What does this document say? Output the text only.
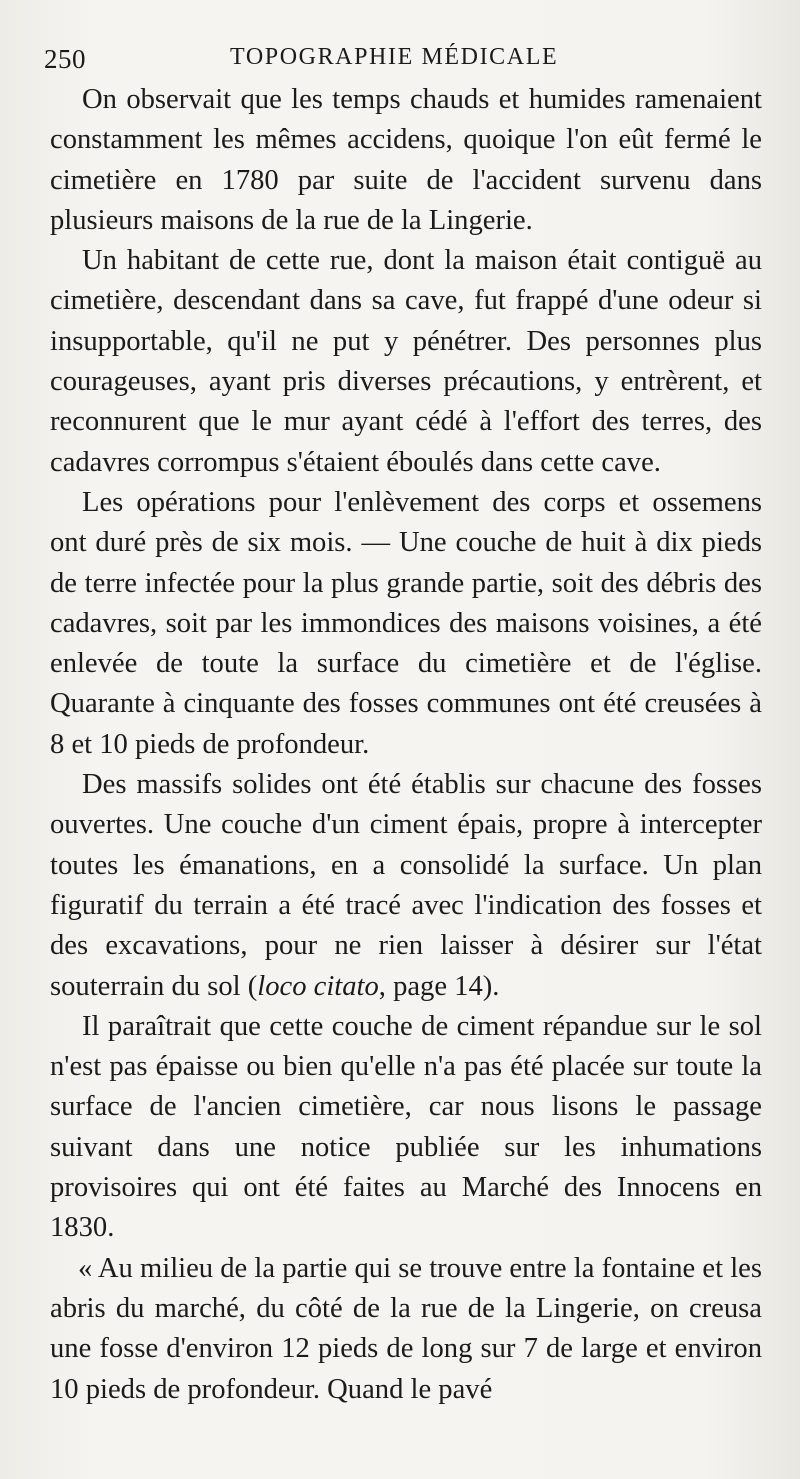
250	TOPOGRAPHIE MÉDICALE

On observait que les temps chauds et humides ramenaient constamment les mêmes accidens, quoique l'on eût fermé le cimetière en 1780 par suite de l'accident survenu dans plusieurs maisons de la rue de la Lingerie.

Un habitant de cette rue, dont la maison était contiguë au cimetière, descendant dans sa cave, fut frappé d'une odeur si insupportable, qu'il ne put y pénétrer. Des personnes plus courageuses, ayant pris diverses précautions, y entrèrent, et reconnurent que le mur ayant cédé à l'effort des terres, des cadavres corrompus s'étaient éboulés dans cette cave.

Les opérations pour l'enlèvement des corps et ossemens ont duré près de six mois. — Une couche de huit à dix pieds de terre infectée pour la plus grande partie, soit des débris des cadavres, soit par les immondices des maisons voisines, a été enlevée de toute la surface du cimetière et de l'église. Quarante à cinquante des fosses communes ont été creusées à 8 et 10 pieds de profondeur.

Des massifs solides ont été établis sur chacune des fosses ouvertes. Une couche d'un ciment épais, propre à intercepter toutes les émanations, en a consolidé la surface. Un plan figuratif du terrain a été tracé avec l'indication des fosses et des excavations, pour ne rien laisser à désirer sur l'état souterrain du sol (loco citato, page 14).

Il paraîtrait que cette couche de ciment répandue sur le sol n'est pas épaisse ou bien qu'elle n'a pas été placée sur toute la surface de l'ancien cimetière, car nous lisons le passage suivant dans une notice publiée sur les inhumations provisoires qui ont été faites au Marché des Innocens en 1830.

« Au milieu de la partie qui se trouve entre la fontaine et les abris du marché, du côté de la rue de la Lingerie, on creusa une fosse d'environ 12 pieds de long sur 7 de large et environ 10 pieds de profondeur. Quand le pavé
